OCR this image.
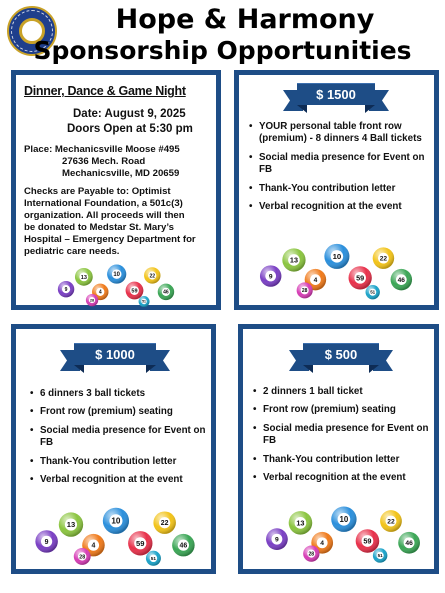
Hope & Harmony
Sponsorship Opportunities
Dinner, Dance & Game Night
Date: August 9, 2025
Doors Open at 5:30 pm
Place: Mechanicsville Moose #495
27636 Mech. Road
Mechanicsville, MD 20659
Checks are Payable to: Optimist
International Foundation, a 501c(3)
organization. All proceeds will then
be donated to Medstar St. Mary’s
Hospital – Emergency Department for
pediatric care needs.
9
13
4
10
59
22
46
28	51
$ 1500
• YOUR personal table front row (premium) - 8 dinners 4 Ball tickets
• Social media presence for Event on FB
• Thank-You contribution letter
• Verbal recognition at the event
9
13
4
10
59
22
46
28	51
$ 1000
• 6 dinners 3 ball tickets
• Front row (premium) seating
• Social media presence for Event on FB
• Thank-You contribution letter
• Verbal recognition at the event
9
13
4
10
59
22
46
28	51
$ 500
• 2 dinners 1 ball ticket
• Front row (premium) seating
• Social media presence for Event on FB
• Thank-You contribution letter
• Verbal recognition at the event
9
13
4
10
59
22
46
28	51
